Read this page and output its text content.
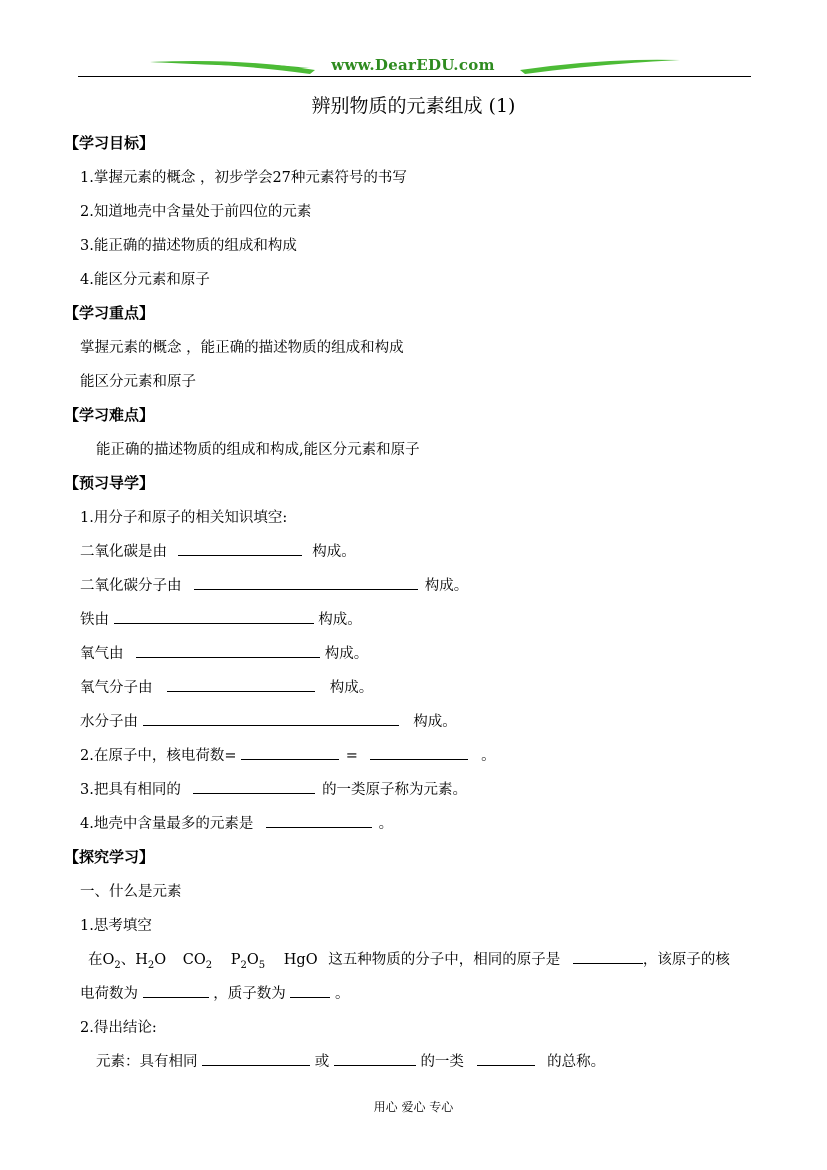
www.DearEDU.com
辨别物质的元素组成 (1)
【学习目标】
1.掌握元素的概念 ，初步学会27种元素符号的书写
2.知道地壳中含量处于前四位的元素
3.能正确的描述物质的组成和构成
4.能区分元素和原子
【学习重点】
掌握元素的概念 ，能正确的描述物质的组成和构成
能区分元素和原子
【学习难点】
能正确的描述物质的组成和构成,能区分元素和原子
【预习导学】
1.用分子和原子的相关知识填空:
二氧化碳是由	构成。
二氧化碳分子由	构成。
铁由	构成。
氧气由	构成。
氧气分子由	构成。
水分子由	构成。
2.在原子中，核电荷数=	=	。
3.把具有相同的	的一类原子称为元素。
4.地壳中含量最多的元素是	。
【探究学习】
一、什么是元素
1.思考填空
在$O_2$、$H_2O$ $CO_2$ $P_2O_5$ HgO 这五种物质的分子中，相同的原子是	，该原子的核
电荷数为	，质子数为	。
2.得出结论:
元素：具有相同	或	的一类	的总称。
用心 爱心 专心
